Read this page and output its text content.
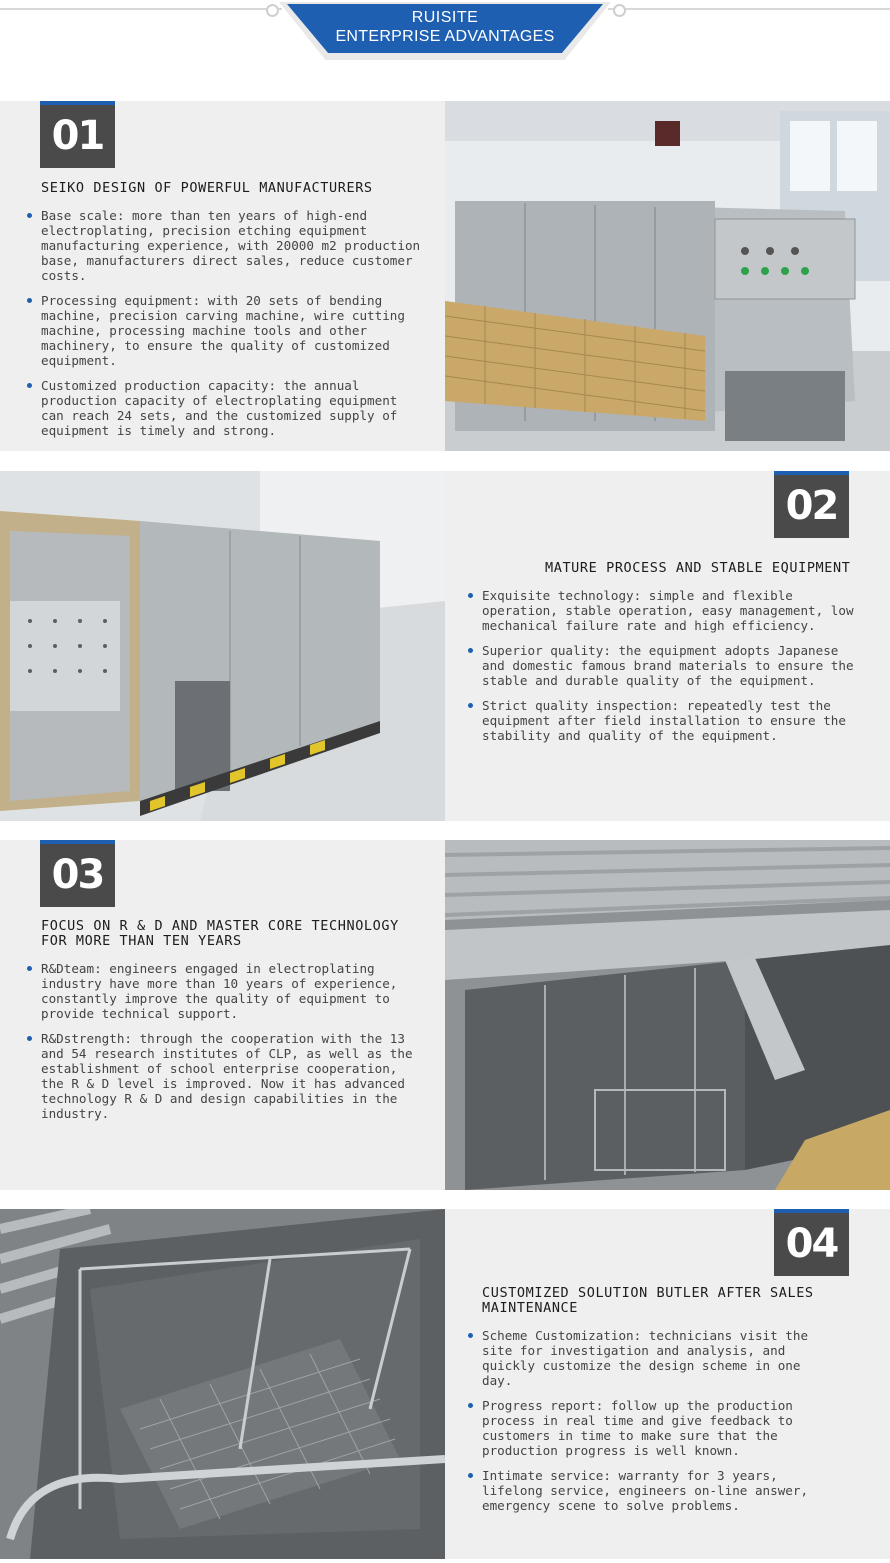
RUISITE
ENTERPRISE ADVANTAGES
01
SEIKO DESIGN OF POWERFUL MANUFACTURERS
Base scale: more than ten years of high-end electroplating, precision etching equipment manufacturing experience, with 20000 m2 production base, manufacturers direct sales, reduce customer costs.
Processing equipment: with 20 sets of bending machine, precision carving machine, wire cutting machine, processing machine tools and other machinery, to ensure the quality of customized equipment.
Customized production capacity: the annual production capacity of electroplating equipment can reach 24 sets, and the customized supply of equipment is timely and strong.
02
MATURE PROCESS AND STABLE EQUIPMENT
Exquisite technology: simple and flexible operation, stable operation, easy management, low mechanical failure rate and high efficiency.
Superior quality: the equipment adopts Japanese and domestic famous brand materials to ensure the stable and durable quality of the equipment.
Strict quality inspection: repeatedly test the equipment after field installation to ensure the stability and quality of the equipment.
03
FOCUS ON R & D AND MASTER CORE TECHNOLOGY FOR MORE THAN TEN YEARS
R&Dteam: engineers engaged in electroplating industry have more than 10 years of experience, constantly improve the quality of equipment to provide technical support.
R&Dstrength: through the cooperation with the 13 and 54 research institutes of CLP, as well as the establishment of school enterprise cooperation, the R & D level is improved. Now it has advanced technology R & D and design capabilities in the industry.
04
CUSTOMIZED SOLUTION BUTLER AFTER SALES MAINTENANCE
Scheme Customization: technicians visit the site for investigation and analysis, and quickly customize the design scheme in one day.
Progress report: follow up the production process in real time and give feedback to customers in time to make sure that the production progress is well known.
Intimate service: warranty for 3 years, lifelong service, engineers on-line answer, emergency scene to solve problems.
